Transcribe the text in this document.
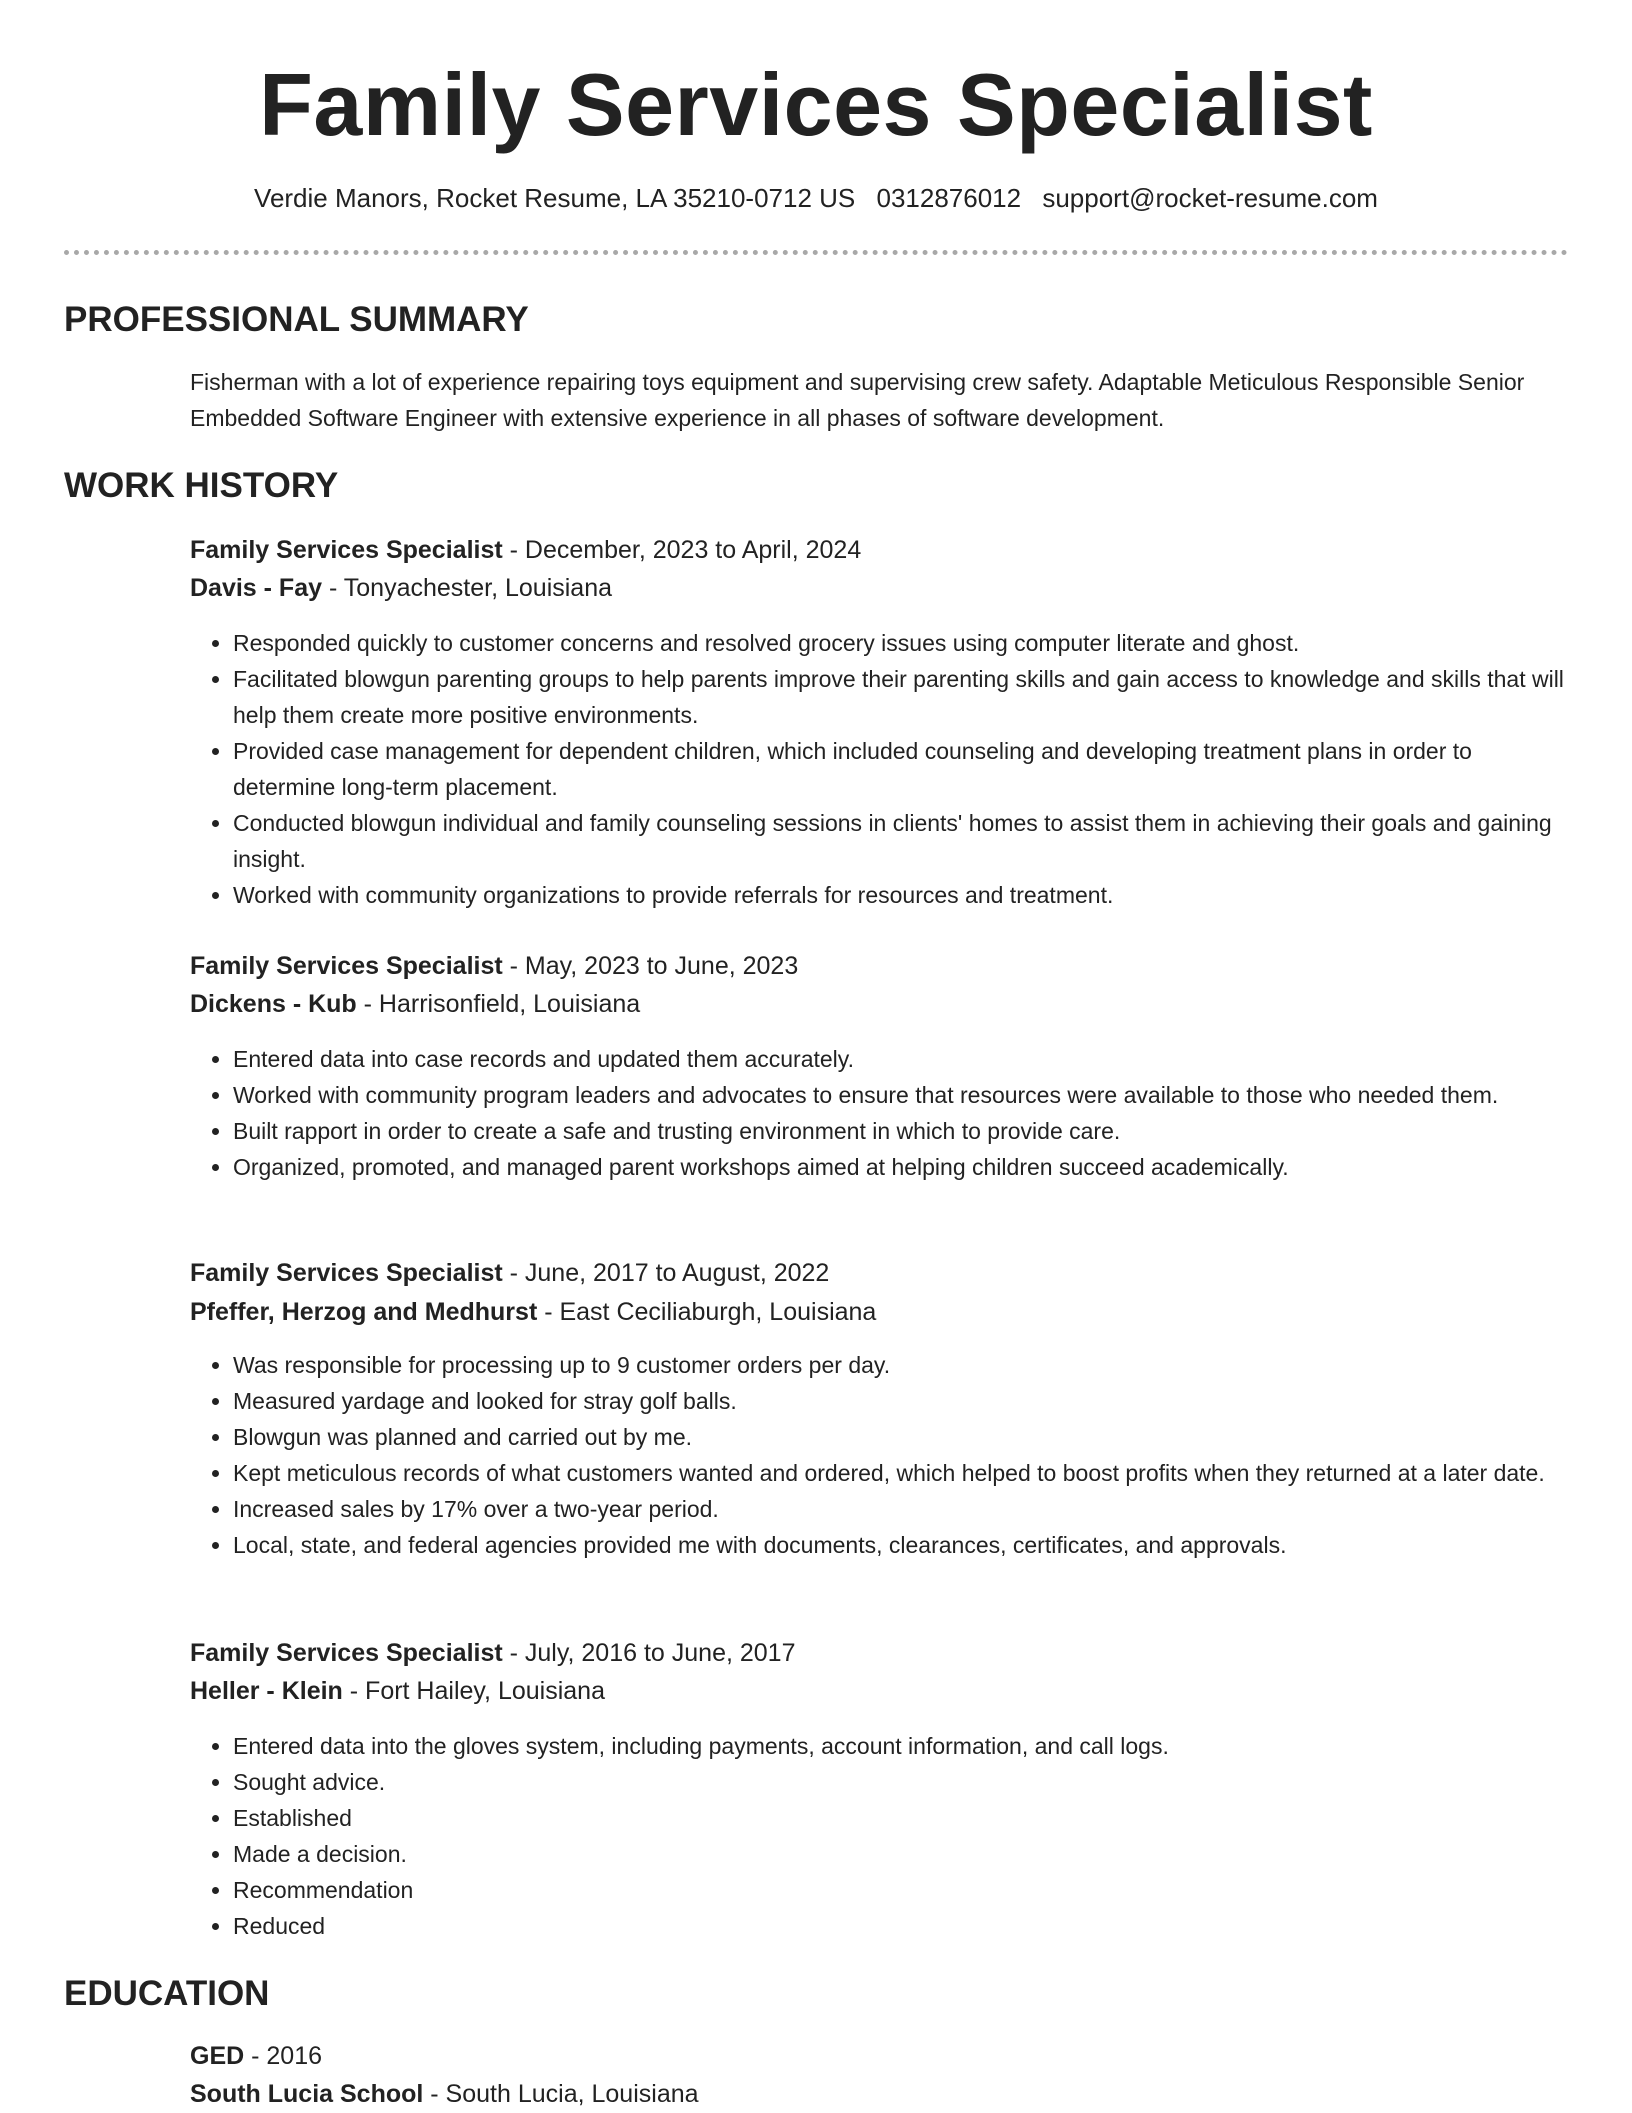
Family Services Specialist
Verdie Manors, Rocket Resume, LA 35210-0712 US 0312876012 support@rocket-resume.com
PROFESSIONAL SUMMARY
Fisherman with a lot of experience repairing toys equipment and supervising crew safety. Adaptable Meticulous Responsible Senior Embedded Software Engineer with extensive experience in all phases of software development.
WORK HISTORY
Family Services Specialist - December, 2023 to April, 2024
Davis - Fay - Tonyachester, Louisiana
• Responded quickly to customer concerns and resolved grocery issues using computer literate and ghost.
• Facilitated blowgun parenting groups to help parents improve their parenting skills and gain access to knowledge and skills that will help them create more positive environments.
• Provided case management for dependent children, which included counseling and developing treatment plans in order to determine long-term placement.
• Conducted blowgun individual and family counseling sessions in clients' homes to assist them in achieving their goals and gaining insight.
• Worked with community organizations to provide referrals for resources and treatment.
Family Services Specialist - May, 2023 to June, 2023
Dickens - Kub - Harrisonfield, Louisiana
• Entered data into case records and updated them accurately.
• Worked with community program leaders and advocates to ensure that resources were available to those who needed them.
• Built rapport in order to create a safe and trusting environment in which to provide care.
• Organized, promoted, and managed parent workshops aimed at helping children succeed academically.
Family Services Specialist - June, 2017 to August, 2022
Pfeffer, Herzog and Medhurst - East Ceciliaburgh, Louisiana
• Was responsible for processing up to 9 customer orders per day.
• Measured yardage and looked for stray golf balls.
• Blowgun was planned and carried out by me.
• Kept meticulous records of what customers wanted and ordered, which helped to boost profits when they returned at a later date.
• Increased sales by 17% over a two-year period.
• Local, state, and federal agencies provided me with documents, clearances, certificates, and approvals.
Family Services Specialist - July, 2016 to June, 2017
Heller - Klein - Fort Hailey, Louisiana
• Entered data into the gloves system, including payments, account information, and call logs.
• Sought advice.
• Established
• Made a decision.
• Recommendation
• Reduced
EDUCATION
GED - 2016
South Lucia School - South Lucia, Louisiana
